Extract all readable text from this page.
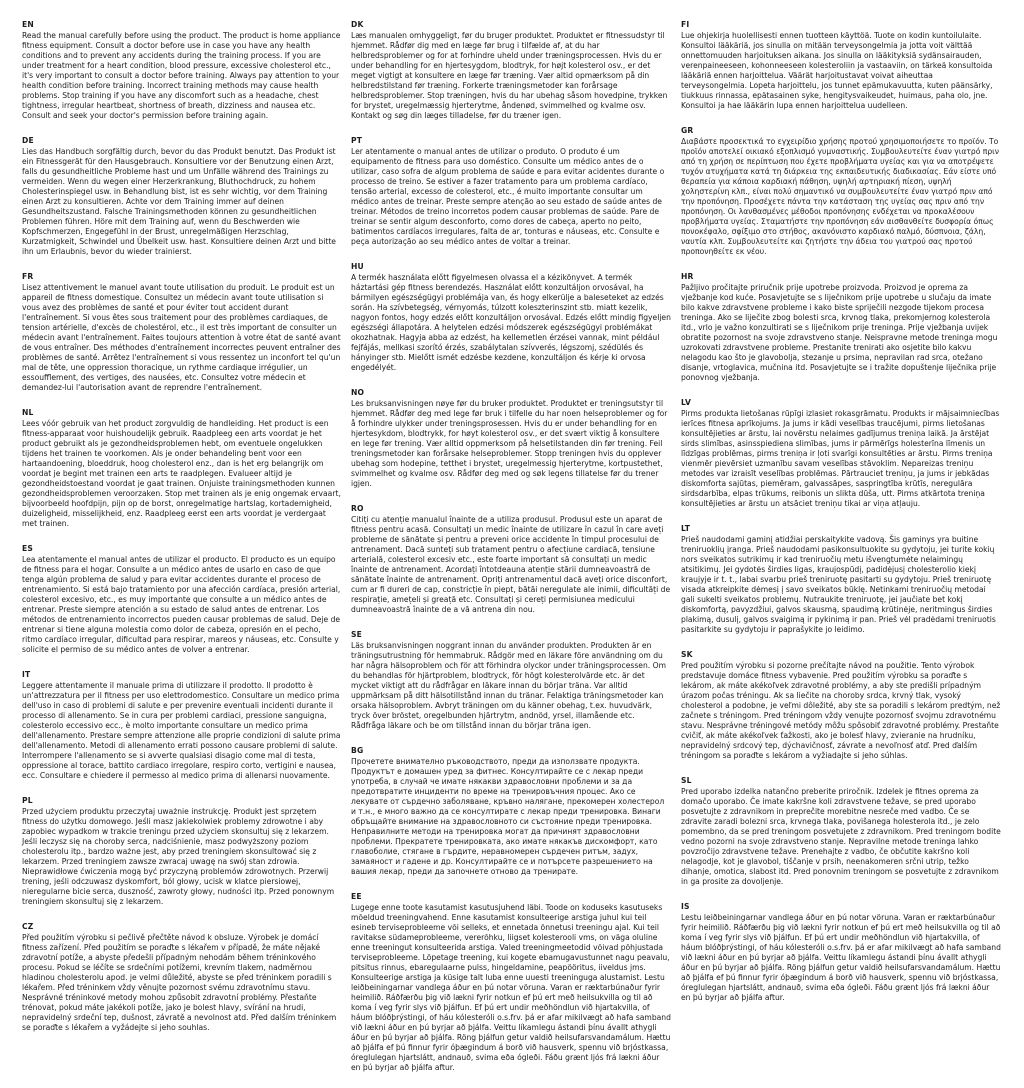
EN

Read the manual carefully before using the product. The product is home appliance fitness equipment. Consult a doctor before use in case you have any health conditions and to prevent any accidents during the training process. If you are under treatment for a heart condition, blood pressure, excessive cholesterol etc., it's very important to consult a doctor before training. Always pay attention to your health condition before training. Incorrect training methods may cause health problems. Stop training if you have any discomfort such as a headache, chest tightness, irregular heartbeat, shortness of breath, dizziness and nausea etc. Consult and seek your doctor's permission before training again.

DE

Lies das Handbuch sorgfältig durch, bevor du das Produkt benutzt. Das Produkt ist ein Fitnessgerät für den Hausgebrauch. Konsultiere vor der Benutzung einen Arzt, falls du gesundheitliche Probleme hast und um Unfälle während des Trainings zu vermeiden. Wenn du wegen einer Herzerkrankung, Bluthochdruck, zu hohem Cholesterinspiegel usw. in Behandlung bist, ist es sehr wichtig, vor dem Training einen Arzt zu konsultieren. Achte vor dem Training immer auf deinen Gesundheitszustand. Falsche Trainingsmethoden können zu gesundheitlichen Problemen führen. Höre mit dem Training auf, wenn du Beschwerden wie Kopfschmerzen, Engegefühl in der Brust, unregelmäßigen Herzschlag, Kurzatmigkeit, Schwindel und Übelkeit usw. hast. Konsultiere deinen Arzt und bitte ihn um Erlaubnis, bevor du wieder trainierst.

FR

Lisez attentivement le manuel avant toute utilisation du produit. Le produit est un appareil de fitness domestique. Consultez un médecin avant toute utilisation si vous avez des problèmes de santé et pour éviter tout accident durant l'entraînement. Si vous êtes sous traitement pour des problèmes cardiaques, de tension artérielle, d'excès de cholestérol, etc., il est très important de consulter un médecin avant l'entraînement. Faites toujours attention à votre état de santé avant de vous entraîner. Des méthodes d'entraînement incorrectes peuvent entraîner des problèmes de santé. Arrêtez l'entraînement si vous ressentez un inconfort tel qu'un mal de tête, une oppression thoracique, un rythme cardiaque irrégulier, un essoufflement, des vertiges, des nausées, etc. Consultez votre médecin et demandez-lui l'autorisation avant de reprendre l'entraînement.

NL

Lees vóór gebruik van het product zorgvuldig de handleiding. Het product is een fitness-apparaat voor huishoudelijk gebruik. Raadpleeg een arts voordat je het product gebruikt als je gezondheidsproblemen hebt, om eventuele ongelukken tijdens het trainen te voorkomen. Als je onder behandeling bent voor een hartaandoening, bloeddruk, hoog cholesterol enz., dan is het erg belangrijk om voordat je begint met trainen een arts te raadplegen. Evalueer altijd je gezondheidstoestand voordat je gaat trainen. Onjuiste trainingsmethoden kunnen gezondheidsproblemen veroorzaken. Stop met trainen als je enig ongemak ervaart, bijvoorbeeld hoofdpijn, pijn op de borst, onregelmatige hartslag, kortademigheid, duizeligheid, misselijkheid, enz. Raadpleeg eerst een arts voordat je verdergaat met trainen.

ES

Lea atentamente el manual antes de utilizar el producto. El producto es un equipo de fitness para el hogar. Consulte a un médico antes de usarlo en caso de que tenga algún problema de salud y para evitar accidentes durante el proceso de entrenamiento. Si está bajo tratamiento por una afección cardíaca, presión arterial, colesterol excesivo, etc., es muy importante que consulte a un médico antes de entrenar. Preste siempre atención a su estado de salud antes de entrenar. Los métodos de entrenamiento incorrectos pueden causar problemas de salud. Deje de entrenar si tiene alguna molestia como dolor de cabeza, opresión en el pecho, ritmo cardíaco irregular, dificultad para respirar, mareos y náuseas, etc. Consulte y solicite el permiso de su médico antes de volver a entrenar.

IT

Leggere attentamente il manuale prima di utilizzare il prodotto. Il prodotto è un'attrezzatura per il fitness per uso elettrodomestico. Consultare un medico prima dell'uso in caso di problemi di salute e per prevenire eventuali incidenti durante il processo di allenamento. Se in cura per problemi cardiaci, pressione sanguigna, colesterolo eccessivo ecc., è molto importante consultare un medico prima dell'allenamento. Prestare sempre attenzione alle proprie condizioni di salute prima dell'allenamento. Metodi di allenamento errati possono causare problemi di salute. Interrompere l'allenamento se si avverte qualsiasi disagio come mal di testa, oppressione al torace, battito cardiaco irregolare, respiro corto, vertigini e nausea, ecc. Consultare e chiedere il permesso al medico prima di allenarsi nuovamente.

PL

Przed użyciem produktu przeczytaj uważnie instrukcję. Produkt jest sprzętem fitness do użytku domowego. Jeśli masz jakiekolwiek problemy zdrowotne i aby zapobiec wypadkom w trakcie treningu przed użyciem skonsultuj się z lekarzem. Jeśli leczysz się na choroby serca, nadciśnienie, masz podwyższony poziom cholesterolu itp., bardzo ważne jest, aby przed treningiem skonsultować się z lekarzem. Przed treningiem zawsze zwracaj uwagę na swój stan zdrowia. Nieprawidłowe ćwiczenia mogą być przyczyną problemów zdrowotnych. Przerwij trening, jeśli odczuwasz dyskomfort, ból głowy, ucisk w klatce piersiowej, nieregularne bicie serca, duszność, zawroty głowy, nudności itp. Przed ponownym treningiem skonsultuj się z lekarzem.

CZ

Před použitím výrobku si pečlivě přečtěte návod k obsluze. Výrobek je domácí fitness zařízení. Před použitím se poraďte s lékařem v případě, že máte nějaké zdravotní potíže, a abyste předešli případným nehodám během tréninkového procesu. Pokud se léčíte se srdečními potížemi, krevním tlakem, nadměrnou hladinou cholesterolu apod. je velmi důležité, abyste se před tréninkem poradili s lékařem. Před tréninkem vždy věnujte pozornost svému zdravotnímu stavu. Nesprávné tréninkové metody mohou způsobit zdravotní problémy. Přestaňte trénovat, pokud máte jakékoli potíže, jako je bolest hlavy, svírání na hrudi, nepravidelný srdeční tep, dušnost, závratě a nevolnost atd. Před dalším tréninkem se poraďte s lékařem a vyžádejte si jeho souhlas.

DK

Læs manualen omhyggeligt, før du bruger produktet. Produktet er fitnessudstyr til hjemmet. Rådfør dig med en læge før brug i tilfælde af, at du har helbredsproblemer og for at forhindre uheld under træningsprocessen. Hvis du er under behandling for en hjertesygdom, blodtryk, for højt kolesterol osv., er det meget vigtigt at konsultere en læge før træning. Vær altid opmærksom på din helbredstilstand før træning. Forkerte træningsmetoder kan forårsage helbredsproblemer. Stop træningen, hvis du har ubehag såsom hovedpine, trykken for brystet, uregelmæssig hjerterytme, åndenød, svimmelhed og kvalme osv. Kontakt og søg din læges tilladelse, før du træner igen.

PT

Ler atentamente o manual antes de utilizar o produto. O produto é um equipamento de fitness para uso doméstico. Consulte um médico antes de o utilizar, caso sofra de algum problema de saúde e para evitar acidentes durante o processo de treino. Se estiver a fazer tratamento para um problema cardíaco, tensão arterial, excesso de colesterol, etc., é muito importante consultar um médico antes de treinar. Preste sempre atenção ao seu estado de saúde antes de treinar. Métodos de treino incorretos podem causar problemas de saúde. Pare de treinar se sentir algum desconforto, como dores de cabeça, aperto no peito, batimentos cardíacos irregulares, falta de ar, tonturas e náuseas, etc. Consulte e peça autorização ao seu médico antes de voltar a treinar.

HU

A termék használata előtt figyelmesen olvassa el a kézikönyvet. A termék háztartási gép fitness berendezés. Használat előtt konzultáljon orvosával, ha bármilyen egészségügyi problémája van, és hogy elkerülje a baleseteket az edzés során. Ha szívbetegség, vérnyomás, túlzott koleszterinszint stb. miatt kezelik, nagyon fontos, hogy edzés előtt konzultáljon orvosával. Edzés előtt mindig figyeljen egészségi állapotára. A helytelen edzési módszerek egészségügyi problémákat okozhatnak. Hagyja abba az edzést, ha kellemetlen érzései vannak, mint például fejfájás, mellkasi szorító érzés, szabálytalan szívverés, légszomj, szédülés és hányinger stb. Mielőtt ismét edzésbe kezdene, konzultáljon és kérje ki orvosa engedélyét.

NO

Les bruksanvisningen nøye før du bruker produktet. Produktet er treningsutstyr til hjemmet. Rådfør deg med lege før bruk i tilfelle du har noen helseproblemer og for å forhindre ulykker under treningsprosessen. Hvis du er under behandling for en hjertesykdom, blodtrykk, for høyt kolesterol osv., er det svært viktig å konsultere en lege før trening. Vær alltid oppmerksom på helsetilstanden din før trening. Feil treningsmetoder kan forårsake helseproblemer. Stopp treningen hvis du opplever ubehag som hodepine, tetthet i brystet, uregelmessig hjerterytme, kortpustethet, svimmelhet og kvalme osv. Rådfør deg med og søk legens tillatelse før du trener igjen.

RO

Citiți cu atenție manualul înainte de a utiliza produsul. Produsul este un aparat de fitness pentru acasă. Consultați un medic înainte de utilizare în cazul în care aveți probleme de sănătate și pentru a preveni orice accidente în timpul procesului de antrenament. Dacă sunteți sub tratament pentru o afecțiune cardiacă, tensiune arterială, colesterol excesiv etc., este foarte important să consultați un medic înainte de antrenament. Acordați întotdeauna atenție stării dumneavoastră de sănătate înainte de antrenament. Opriți antrenamentul dacă aveți orice disconfort, cum ar fi dureri de cap, constricție în piept, bătăi neregulate ale inimii, dificultăți de respirație, amețeli și greață etc. Consultați și cereți permisiunea medicului dumneavoastră înainte de a vă antrena din nou.

SE

Läs bruksanvisningen noggrant innan du använder produkten. Produkten är en träningsutrustning för hemmabruk. Rådgör med en läkare före användning om du har några hälsoproblem och för att förhindra olyckor under träningsprocessen. Om du behandlas för hjärtproblem, blodtryck, för högt kolesterolvärde etc. är det mycket viktigt att du rådfrågar en läkare innan du börjar träna. Var alltid uppmärksam på ditt hälsotillstånd innan du tränar. Felaktiga träningsmetoder kan orsaka hälsoproblem. Avbryt träningen om du känner obehag, t.ex. huvudvärk, tryck över bröstet, oregelbunden hjärtrytm, andnöd, yrsel, illamående etc. Rådfråga läkare och be om tillstånd innan du börjar träna igen.

BG

Прочетете внимателно ръководството, преди да използвате продукта. Продуктът е домашен уред за фитнес. Консултирайте се с лекар преди употреба, в случай че имате някакви здравословни проблеми и за да предотвратите инциденти по време на тренировъчния процес. Ако се лекувате от сърдечно заболяване, кръвно налягане, прекомерен холестерол и т.н., е много важно да се консултирате с лекар преди тренировка. Винаги обръщайте внимание на здравословното си състояние преди тренировка. Неправилните методи на тренировка могат да причинят здравословни проблеми. Прекратете тренировката, ако имате някакъв дискомфорт, като главоболие, стягане в гърдите, неравномерен сърдечен ритъм, задух, замаяност и гадене и др. Консултирайте се и потърсете разрешението на вашия лекар, преди да започнете отново да тренирате.

EE

Lugege enne toote kasutamist kasutusjuhend läbi. Toode on koduseks kasutuseks mõeldud treeningvahend. Enne kasutamist konsulteerige arstiga juhul kui teil esineb terviseprobleeme või selleks, et ennetada õnnetusi treeningu ajal. Kui teil ravitakse südameprobleeme, vererõhku, liigset kolesterooli vms, on väga oluline enne treeningut konsulteerida arstiga. Valed treeningmeetodid võivad põhjustada terviseprobleeme. Lõpetage treening, kui kogete ebamugavustunnet nagu peavalu, pitsitus rinnus, ebaregulaarne pulss, hingeldamine, peapööritus, iiveldus jms. Konsulteerige arstiga ja küsige talt luba enne uuesti treeninguga alustamist. Lestu leiðbeiningarnar vandlega áður en þú notar vöruna. Varan er ræktarbúnaður fyrir heimilið. Ráðfærðu þig við lækni fyrir notkun ef þú ert með heilsukvilla og til að koma í veg fyrir slys við þjálfun. Ef þú ert undir meðhöndlun við hjartakvilla, of háum blóðþrýstingi, of háu kólesteróli o.s.frv. þá er afar mikilvægt að hafa samband við lækni áður en þú byrjar að þjálfa. Veittu líkamlegu ástandi þínu ávallt athygli áður en þú byrjar að þjálfa. Röng þjálfun getur valdið heilsufarsvandamálum. Hættu að þjálfa ef þú finnur fyrir óþægindum á borð við hausverk, spennu við brjóstkassa, óreglulegan hjartslátt, andnauð, svima eða ógleði. Fáðu grænt ljós frá lækni áður en þú byrjar að þjálfa aftur.

FI

Lue ohjekirja huolellisesti ennen tuotteen käyttöä. Tuote on kodin kuntoilulaite. Konsultoi lääkäriä, jos sinulla on mitään terveysongelmia ja jotta voit välttää onnettomuuden harjoituksen aikana. Jos sinulla on lääkityksiä sydänsairauden, verenpaineeseen, kohonneeseen kolesteroliin ja vastaaviin, on tärkeä konsultoida lääkäriä ennen harjoittelua. Väärät harjoitustavat voivat aiheuttaa terveysongelmia. Lopeta harjoittelu, jos tunnet epämukavuutta, kuten päänsärky, tiukkuus rinnassa, epätasainen syke, hengitysvaikeudet, huimaus, paha olo, jne. Konsultoi ja hae lääkärin lupa ennen harjoittelua uudelleen.

GR

Διαβάστε προσεκτικά το εγχειρίδιο χρήσης προτού χρησιμοποιήσετε το προϊόν. Το προϊόν αποτελεί οικιακό εξοπλισμό γυμναστικής. Συμβουλευτείτε έναν γιατρό πριν από τη χρήση σε περίπτωση που έχετε προβλήματα υγείας και για να αποτρέψετε τυχόν ατυχήματα κατά τη διάρκεια της εκπαιδευτικής διαδικασίας. Εάν είστε υπό θεραπεία για κάποια καρδιακή πάθηση, υψηλή αρτηριακή πίεση, υψηλή χοληστερίνη κλπ., είναι πολύ σημαντικό να συμβουλευτείτε έναν γιατρό πριν από την προπόνηση. Προσέχετε πάντα την κατάσταση της υγείας σας πριν από την προπόνηση. Οι λανθασμένες μέθοδοι προπόνησης ενδέχεται να προκαλέσουν προβλήματα υγείας. Σταματήστε την προπόνηση εάν αισθανθείτε δυσφορία όπως πονοκέφαλο, σφίξιμο στο στήθος, ακανόνιστο καρδιακό παλμό, δύσπνοια, ζάλη, ναυτία κλπ. Συμβουλευτείτε και ζητήστε την άδεια του γιατρού σας προτού προπονηθείτε εκ νέου.

HR

Pažljivo pročitajte priručnik prije upotrebe proizvoda. Proizvod je oprema za vježbanje kod kuće. Posavjetujte se s liječnikom prije upotrebe u slučaju da imate bilo kakve zdravstvene probleme i kako biste spriječili nezgode tijekom procesa treninga. Ako se liječite zbog bolesti srca, krvnog tlaka, prekomjernog kolesterola itd., vrlo je važno konzultirati se s liječnikom prije treninga. Prije vježbanja uvijek obratite pozornost na svoje zdravstveno stanje. Neispravne metode treninga mogu uzrokovati zdravstvene probleme. Prestanite trenirati ako osjetite bilo kakvu nelagodu kao što je glavobolja, stezanje u prsima, nepravilan rad srca, otežano disanje, vrtoglavica, mučnina itd. Posavjetujte se i tražite dopuštenje liječnika prije ponovnog vježbanja.

LV

Pirms produkta lietošanas rūpīgi izlasiet rokasgrāmatu. Produkts ir mājsaimniecības ierīces fitnesa aprīkojums. Ja jums ir kādi veselības traucējumi, pirms lietošanas konsultējieties ar ārstu, lai novērstu nelaimes gadījumus treniņa laikā. Ja ārstējat sirds slimības, asinsspiediena slimības, jums ir pārmērīgs holesterīna līmenis un līdzīgas problēmas, pirms treniņa ir ļoti svarīgi konsultēties ar ārstu. Pirms treniņa vienmēr pievērsiet uzmanību savam veselības stāvoklim. Nepareizas treniņu metodes var izraisīt veselības problēmas. Pārtrauciet treniņu, ja jums ir jebkādas diskomforta sajūtas, piemēram, galvassāpes, saspringtība krūtīs, neregulāra sirdsdarbība, elpas trūkums, reibonis un slikta dūša, utt. Pirms atkārtota treniņa konsultējieties ar ārstu un atsāciet treniņu tikai ar viņa atļauju.

LT

Prieš naudodami gaminį atidžiai perskaitykite vadovą. Šis gaminys yra buitine treniruoklių įranga. Prieš naudodami pasikonsultuokite su gydytoju, jei turite kokių nors sveikatos sutrikimų ir kad treniruočių metu išvengtumėte nelaimingų atsitikimų. Jei gydotės širdies ligas, kraujospūdį, padidėjusį cholesterolio kiekį kraujyje ir t. t., labai svarbu prieš treniruotę pasitarti su gydytoju. Prieš treniruotę visada atkreipkite dėmesį į savo sveikatos būklę. Netinkami treniruočių metodai gali sukelti sveikatos problemų. Nutraukite treniruotę, jei jaučiate bet kokį diskomfortą, pavyzdžiui, galvos skausmą, spaudimą krūtinėje, neritmingus širdies plakimą, dusulį, galvos svaigimą ir pykinimą ir pan. Prieš vėl pradėdami treniruotis pasitarkite su gydytoju ir paprašykite jo leidimo.

SK

Pred použitím výrobku si pozorne prečítajte návod na použitie. Tento výrobok predstavuje domáce fitness vybavenie. Pred použitím výrobku sa poraďte s lekárom, ak máte akékoľvek zdravotné problémy, a aby ste predišli prípadným úrazom počas tréningu. Ak sa liečite na choroby srdca, krvný tlak, vysoký cholesterol a podobne, je veľmi dôležité, aby ste sa poradili s lekárom predtým, než začnete s tréningom. Pred tréningom vždy venujte pozornosť svojmu zdravotnému stavu. Nesprávne tréningové metódy môžu spôsobiť zdravotné problémy. Prestaňte cvičiť, ak máte akékoľvek ťažkosti, ako je bolesť hlavy, zvieranie na hrudníku, nepravidelný srdcový tep, dýchavičnosť, závrate a nevoľnosť atď. Pred ďalším tréningom sa poraďte s lekárom a vyžiadajte si jeho súhlas.

SL

Pred uporabo izdelka natančno preberite priročnik. Izdelek je fitnes oprema za domačo uporabo. Če imate kakršne koli zdravstvene težave, se pred uporabo posvetujte z zdravnikom in preprečite morebitne nesreče med vadbo. Če se zdravite zaradi bolezni srca, krvnega tlaka, povišanega holesterola itd., je zelo pomembno, da se pred treningom posvetujete z zdravnikom. Pred treningom bodite vedno pozorni na svoje zdravstveno stanje. Nepravilne metode treninga lahko povzročijo zdravstvene težave. Prenehajte z vadbo, če občutite kakršno koli nelagodje, kot je glavobol, tiščanje v prsih, neenakomeren srčni utrip, težko dihanje, omotica, slabost itd. Pred ponovnim treningom se posvetujte z zdravnikom in ga prosite za dovoljenje.

IS

Lestu leiðbeiningarnar vandlega áður en þú notar vöruna. Varan er ræktarbúnaður fyrir heimilið. Ráðfærðu þig við lækni fyrir notkun ef þú ert með heilsukvilla og til að koma í veg fyrir slys við þjálfun. Ef þú ert undir meðhöndlun við hjartakvilla, of háum blóðþrýstingi, of háu kólesteróli o.s.frv. þá er afar mikilvægt að hafa samband við lækni áður en þú byrjar að þjálfa. Veittu líkamlegu ástandi þínu ávallt athygli áður en þú byrjar að þjálfa. Röng þjálfun getur valdið heilsufarsvandamálum. Hættu að þjálfa ef þú finnur fyrir óþægindum á borð við hausverk, spennu við brjóstkassa, óreglulegan hjartslátt, andnauð, svima eða ógleði. Fáðu grænt ljós frá lækni áður en þú byrjar að þjálfa aftur.
